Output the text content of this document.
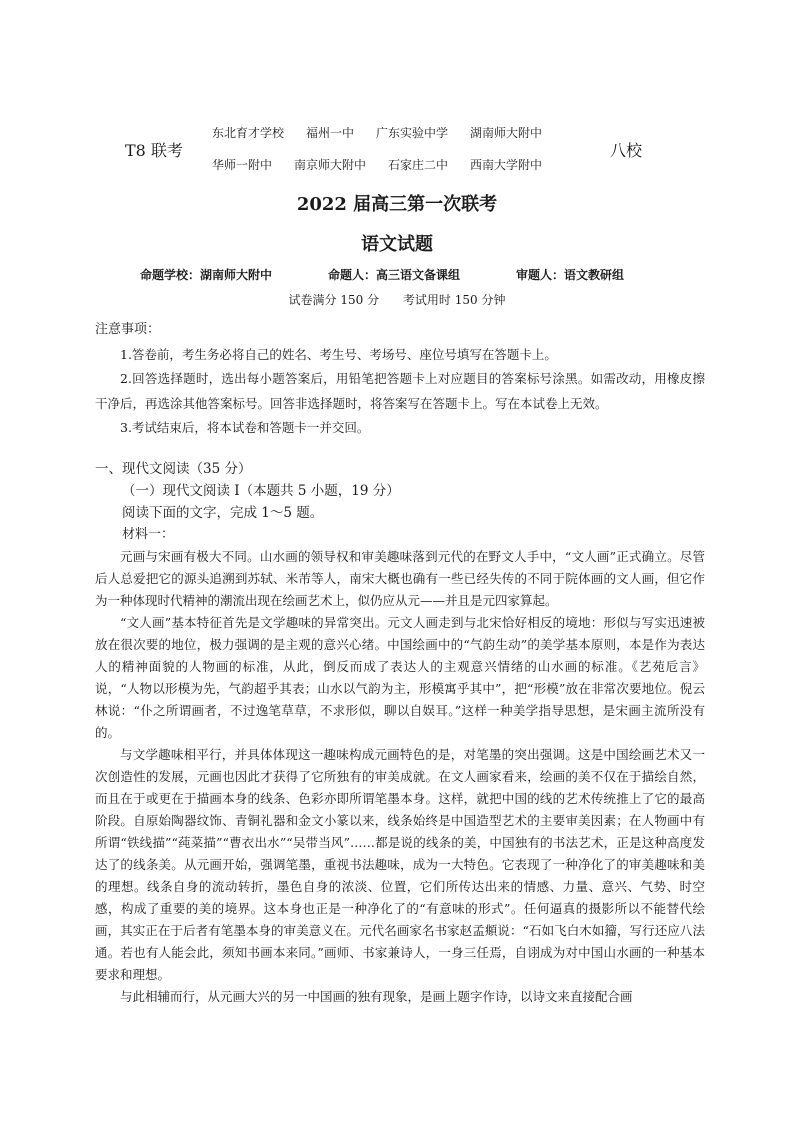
T8 联考
东北育才学校 福州一中 广东实验中学 湖南师大附中
华师一附中 南京师大附中 石家庄二中 西南大学附中
八校
2022 届高三第一次联考
语文试题
命题学校：湖南师大附中	命题人：高三语文备课组	审题人：语文教研组
试卷满分 150 分 考试用时 150 分钟
注意事项：

1.答卷前，考生务必将自己的姓名、考生号、考场号、座位号填写在答题卡上。

2.回答选择题时，选出每小题答案后，用铅笔把答题卡上对应题目的答案标号涂黑。如需改动，用橡皮擦干净后，再选涂其他答案标号。回答非选择题时，将答案写在答题卡上。写在本试卷上无效。

3.考试结束后，将本试卷和答题卡一并交回。

一、现代文阅读（35 分）

（一）现代文阅读 I（本题共 5 小题，19 分）

阅读下面的文字，完成 1～5 题。

材料一：

元画与宋画有极大不同。山水画的领导权和审美趣味落到元代的在野文人手中，“文人画”正式确立。尽管后人总爱把它的源头追溯到苏轼、米芾等人，南宋大概也确有一些已经失传的不同于院体画的文人画，但它作为一种体现时代精神的潮流出现在绘画艺术上，似仍应从元——并且是元四家算起。

“文人画”基本特征首先是文学趣味的异常突出。元文人画走到与北宋恰好相反的境地：形似与写实迅速被放在很次要的地位，极力强调的是主观的意兴心绪。中国绘画中的“气韵生动”的美学基本原则，本是作为表达人的精神面貌的人物画的标准，从此，倒反而成了表达人的主观意兴情绪的山水画的标准。《艺苑卮言》说，“人物以形模为先，气韵超乎其表；山水以气韵为主，形模寓乎其中”，把“形模”放在非常次要地位。倪云林说：“仆之所谓画者，不过逸笔草草，不求形似，聊以自娱耳。”这样一种美学指导思想，是宋画主流所没有的。

与文学趣味相平行，并具体体现这一趣味构成元画特色的是，对笔墨的突出强调。这是中国绘画艺术又一次创造性的发展，元画也因此才获得了它所独有的审美成就。在文人画家看来，绘画的美不仅在于描绘自然，而且在于或更在于描画本身的线条、色彩亦即所谓笔墨本身。这样，就把中国的线的艺术传统推上了它的最高阶段。自原始陶器纹饰、青铜礼器和金文小篆以来，线条始终是中国造型艺术的主要审美因素；在人物画中有所谓“铁线描”“莼菜描”“曹衣出水”“吴带当风”……都是说的线条的美，中国独有的书法艺术，正是这种高度发达了的线条美。从元画开始，强调笔墨，重视书法趣味，成为一大特色。它表现了一种净化了的审美趣味和美的理想。线条自身的流动转折，墨色自身的浓淡、位置，它们所传达出来的情感、力量、意兴、气势、时空感，构成了重要的美的境界。这本身也正是一种净化了的“有意味的形式”。任何逼真的摄影所以不能替代绘画，其实正在于后者有笔墨本身的审美意义在。元代名画家名书家赵孟頫说：“石如飞白木如籀，写行还应八法通。若也有人能会此，须知书画本来同。”画师、书家兼诗人，一身三任焉，自诩成为对中国山水画的一种基本要求和理想。

与此相辅而行，从元画大兴的另一中国画的独有现象，是画上题字作诗，以诗文来直接配合画
